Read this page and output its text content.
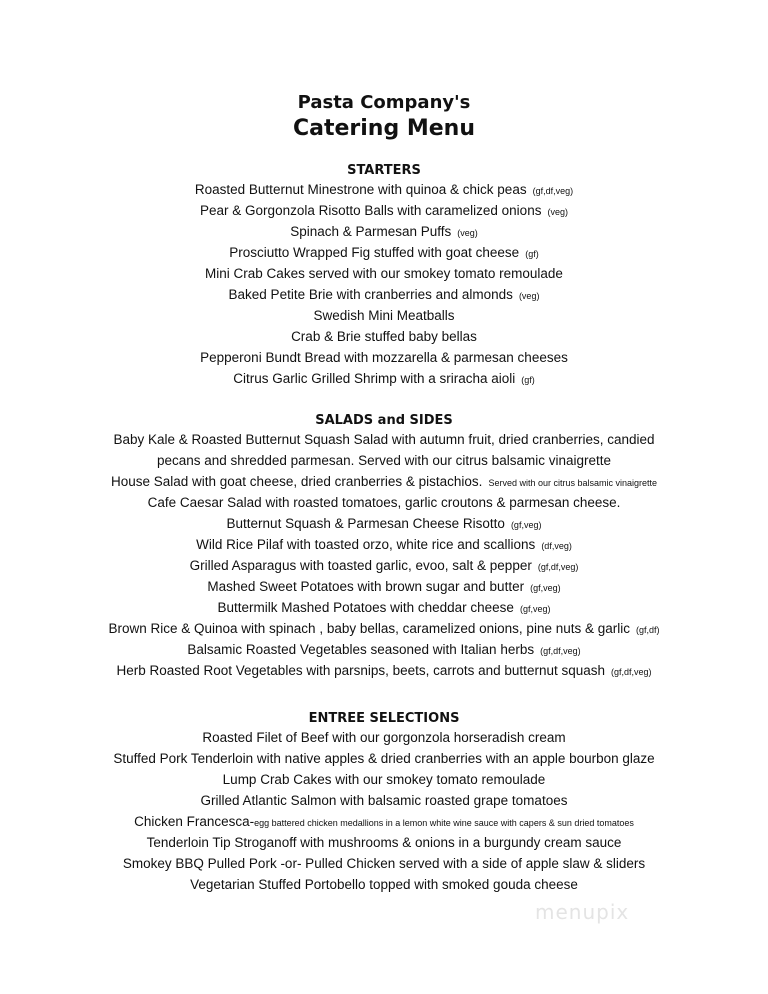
Pasta Company's
Catering Menu
STARTERS
Roasted Butternut Minestrone with quinoa & chick peas (gf,df,veg)
Pear & Gorgonzola Risotto Balls with caramelized onions (veg)
Spinach & Parmesan Puffs (veg)
Prosciutto Wrapped Fig stuffed with goat cheese (gf)
Mini Crab Cakes served with our smokey tomato remoulade
Baked Petite Brie with cranberries and almonds (veg)
Swedish Mini Meatballs
Crab & Brie stuffed baby bellas
Pepperoni Bundt Bread with mozzarella & parmesan cheeses
Citrus Garlic Grilled Shrimp with a sriracha aioli (gf)
SALADS and SIDES
Baby Kale & Roasted Butternut Squash Salad with autumn fruit, dried cranberries, candied pecans and shredded parmesan. Served with our citrus balsamic vinaigrette
House Salad with goat cheese, dried cranberries & pistachios. Served with our citrus balsamic vinaigrette
Cafe Caesar Salad with roasted tomatoes, garlic croutons & parmesan cheese.
Butternut Squash & Parmesan Cheese Risotto (gf,veg)
Wild Rice Pilaf with toasted orzo, white rice and scallions (df,veg)
Grilled Asparagus with toasted garlic, evoo, salt & pepper (gf,df,veg)
Mashed Sweet Potatoes with brown sugar and butter (gf,veg)
Buttermilk Mashed Potatoes with cheddar cheese (gf,veg)
Brown Rice & Quinoa with spinach , baby bellas, caramelized onions, pine nuts & garlic (gf,df)
Balsamic Roasted Vegetables seasoned with Italian herbs (gf,df,veg)
Herb Roasted Root Vegetables with parsnips, beets, carrots and butternut squash (gf,df,veg)
ENTREE SELECTIONS
Roasted Filet of Beef with our gorgonzola horseradish cream
Stuffed Pork Tenderloin with native apples & dried cranberries with an apple bourbon glaze
Lump Crab Cakes with our smokey tomato remoulade
Grilled Atlantic Salmon with balsamic roasted grape tomatoes
Chicken Francesca-egg battered chicken medallions in a lemon white wine sauce with capers & sun dried tomatoes
Tenderloin Tip Stroganoff with mushrooms & onions in a burgundy cream sauce
Smokey BBQ Pulled Pork -or- Pulled Chicken served with a side of apple slaw & sliders
Vegetarian Stuffed Portobello topped with smoked gouda cheese
menupix
